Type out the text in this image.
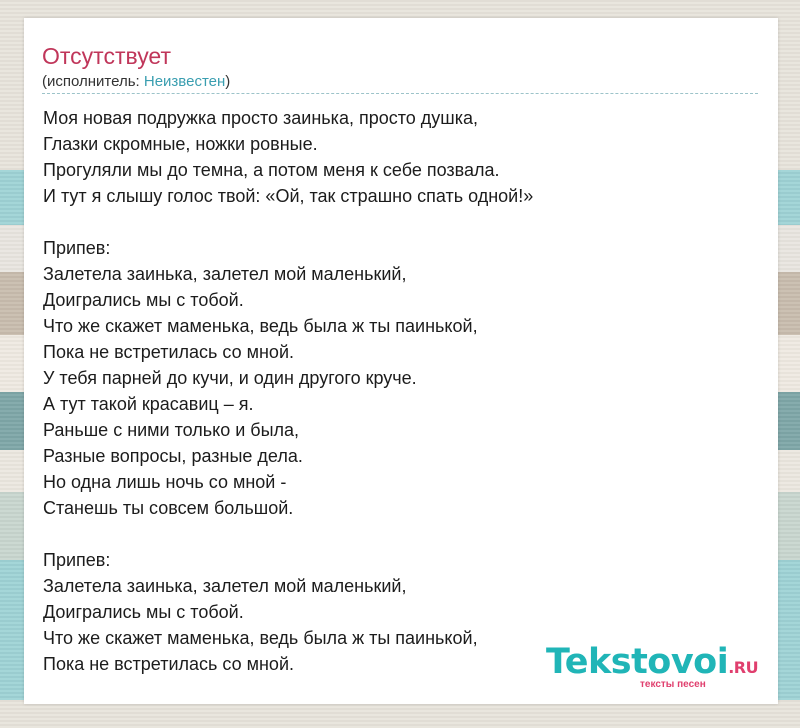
Отсутствует
(исполнитель: Неизвестен)
Моя новая подружка просто заинька, просто душка,
Глазки скромные, ножки ровные.
Прогуляли мы до темна, а потом меня к себе позвала.
И тут я слышу голос твой: «Ой, так страшно спать одной!»
Припев:
Залетела заинька, залетел мой маленький,
Доигрались мы с тобой.
Что же скажет маменька, ведь была ж ты паинькой,
Пока не встретилась со мной.
У тебя парней до кучи, и один другого круче.
А тут такой красавиц – я.
Раньше с ними только и была,
Разные вопросы, разные дела.
Но одна лишь ночь со мной -
Станешь ты совсем большой.
Припев:
Залетела заинька, залетел мой маленький,
Доигрались мы с тобой.
Что же скажет маменька, ведь была ж ты паинькой,
Пока не встретилась со мной.	Tekstovoi.RU
тексты песен
